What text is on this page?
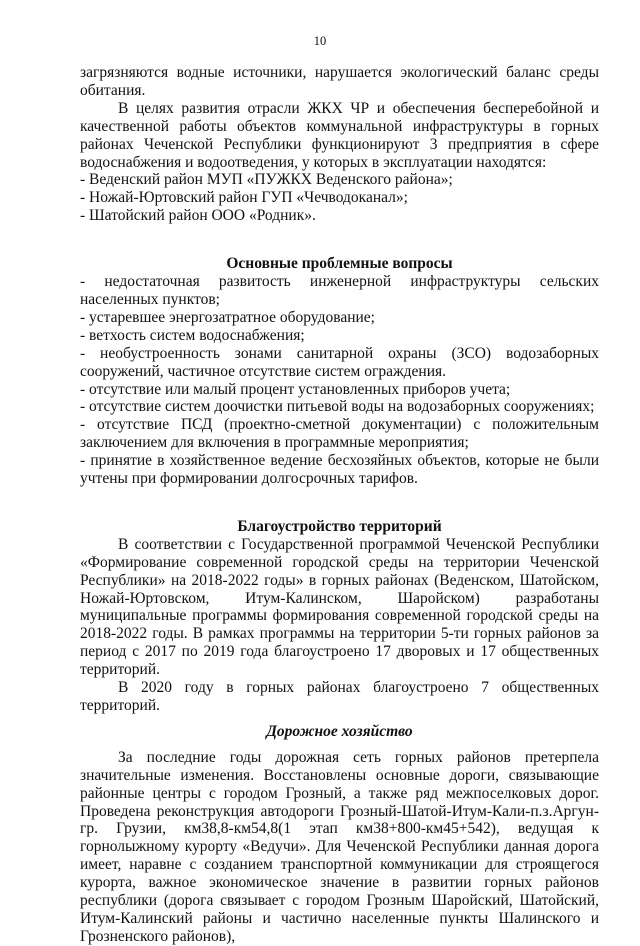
10

загрязняются водные источники, нарушается экологический баланс среды обитания.

В целях развития отрасли ЖКХ ЧР и обеспечения бесперебойной и качественной работы объектов коммунальной инфраструктуры в горных районах Чеченской Республики функционируют 3 предприятия в сфере водоснабжения и водоотведения, у которых в эксплуатации находятся:

- Веденский район МУП «ПУЖКХ Веденского района»;
- Ножай-Юртовский район ГУП «Чечводоканал»;
- Шатойский район ООО «Родник».
Основные проблемные вопросы
- недостаточная развитость инженерной инфраструктуры сельских населенных пунктов;
- устаревшее энергозатратное оборудование;
- ветхость систем водоснабжения;
- необустроенность зонами санитарной охраны (ЗСО) водозаборных сооружений, частичное отсутствие систем ограждения.
- отсутствие или малый процент установленных приборов учета;
- отсутствие систем доочистки питьевой воды на водозаборных сооружениях;
- отсутствие ПСД (проектно-сметной документации) с положительным заключением для включения в программные мероприятия;
- принятие в хозяйственное ведение бесхозяйных объектов, которые не были учтены при формировании долгосрочных тарифов.
Благоустройство территорий

В соответствии с Государственной программой Чеченской Республики «Формирование современной городской среды на территории Чеченской Республики» на 2018-2022 годы» в горных районах (Веденском, Шатойском, Ножай-Юртовском, Итум-Калинском, Шаройском) разработаны муниципальные программы формирования современной городской среды на 2018-2022 годы. В рамках программы на территории 5-ти горных районов за период с 2017 по 2019 года благоустроено 17 дворовых и 17 общественных территорий.

В 2020 году в горных районах благоустроено 7 общественных территорий.

Дорожное хозяйство

За последние годы дорожная сеть горных районов претерпела значительные изменения. Восстановлены основные дороги, связывающие районные центры с городом Грозный, а также ряд межпоселковых дорог. Проведена реконструкция автодороги Грозный-Шатой-Итум-Кали-п.з.Аргун-гр. Грузии, км38,8-км54,8(1 этап км38+800-км45+542), ведущая к горнолыжному курорту «Ведучи». Для Чеченской Республики данная дорога имеет, наравне с созданием транспортной коммуникации для строящегося курорта, важное экономическое значение в развитии горных районов республики (дорога связывает с городом Грозным Шаройский, Шатойский, Итум-Калинский районы и частично населенные пункты Шалинского и Грозненского районов),
